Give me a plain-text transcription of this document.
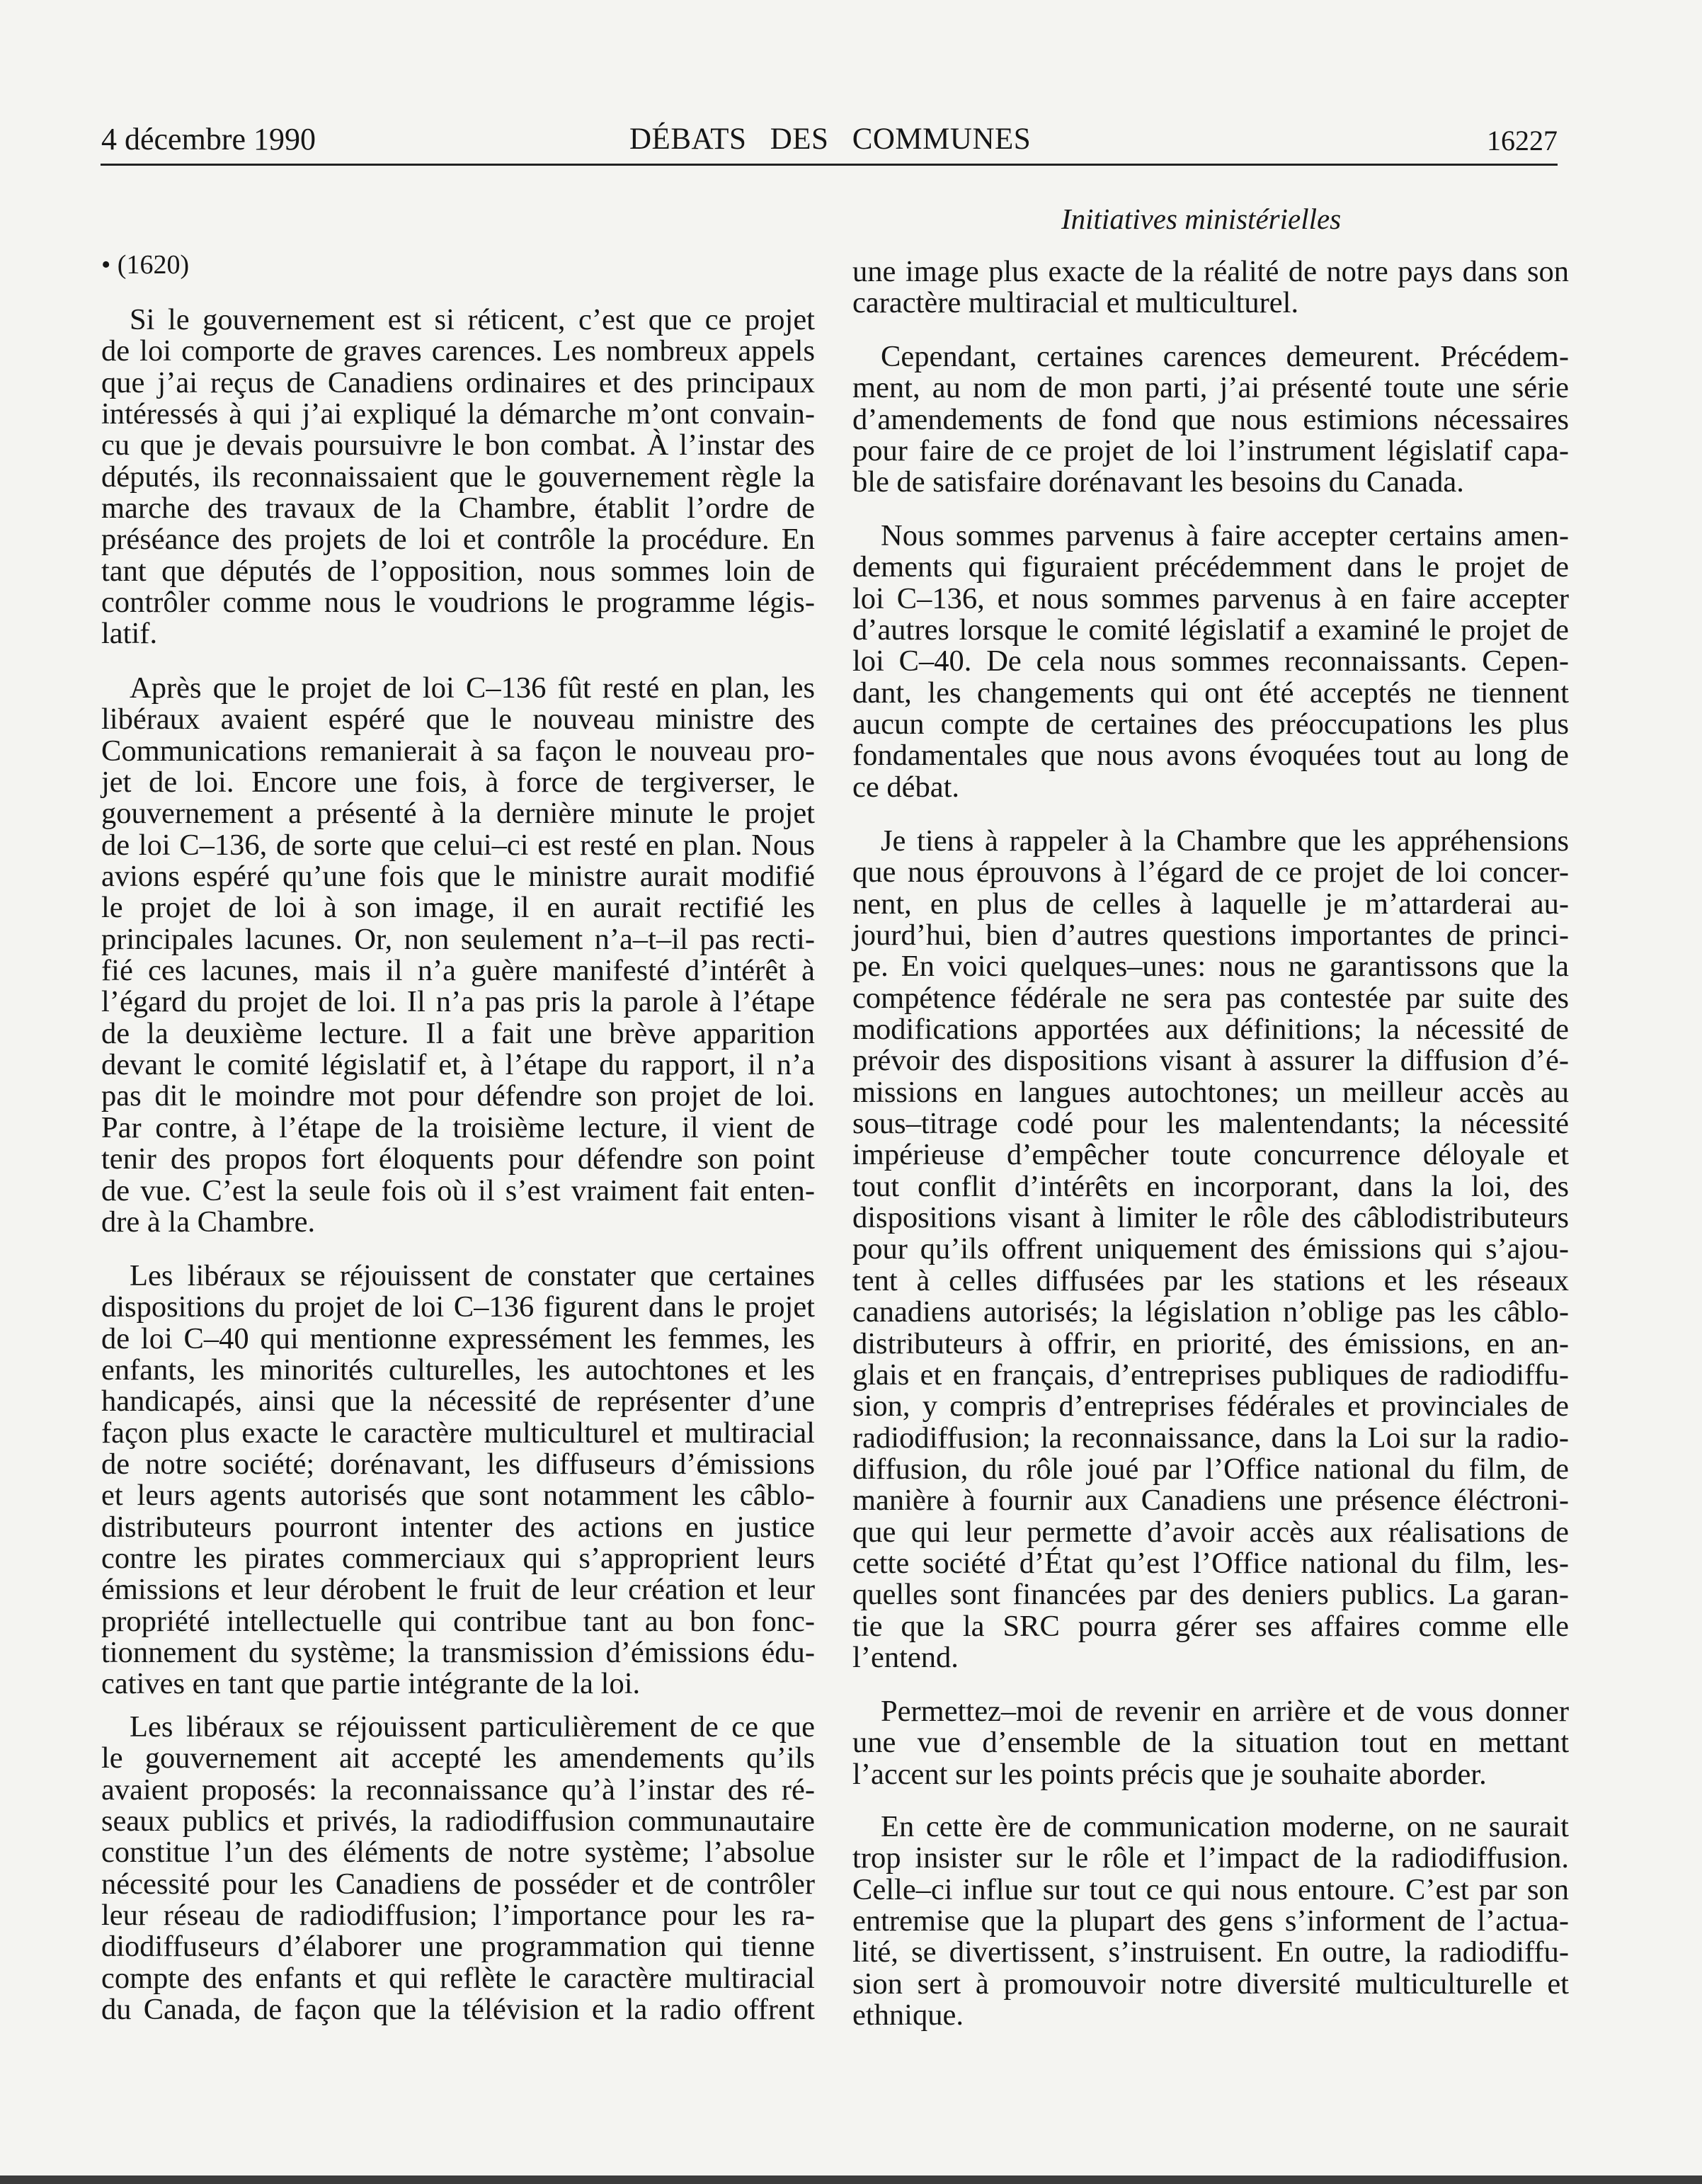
4 décembre 1990	DÉBATS DES COMMUNES	16227
Initiatives ministérielles
• (1620)
Si le gouvernement est si réticent, c’est que ce projet
de loi comporte de graves carences. Les nombreux appels
que j’ai reçus de Canadiens ordinaires et des principaux
intéressés à qui j’ai expliqué la démarche m’ont convain-
cu que je devais poursuivre le bon combat. À l’instar des
députés, ils reconnaissaient que le gouvernement règle la
marche des travaux de la Chambre, établit l’ordre de
préséance des projets de loi et contrôle la procédure. En
tant que députés de l’opposition, nous sommes loin de
contrôler comme nous le voudrions le programme légis-
latif.
Après que le projet de loi C–136 fût resté en plan, les
libéraux avaient espéré que le nouveau ministre des
Communications remanierait à sa façon le nouveau pro-
jet de loi. Encore une fois, à force de tergiverser, le
gouvernement a présenté à la dernière minute le projet
de loi C–136, de sorte que celui–ci est resté en plan. Nous
avions espéré qu’une fois que le ministre aurait modifié
le projet de loi à son image, il en aurait rectifié les
principales lacunes. Or, non seulement n’a–t–il pas recti-
fié ces lacunes, mais il n’a guère manifesté d’intérêt à
l’égard du projet de loi. Il n’a pas pris la parole à l’étape
de la deuxième lecture. Il a fait une brève apparition
devant le comité législatif et, à l’étape du rapport, il n’a
pas dit le moindre mot pour défendre son projet de loi.
Par contre, à l’étape de la troisième lecture, il vient de
tenir des propos fort éloquents pour défendre son point
de vue. C’est la seule fois où il s’est vraiment fait enten-
dre à la Chambre.
Les libéraux se réjouissent de constater que certaines
dispositions du projet de loi C–136 figurent dans le projet
de loi C–40 qui mentionne expressément les femmes, les
enfants, les minorités culturelles, les autochtones et les
handicapés, ainsi que la nécessité de représenter d’une
façon plus exacte le caractère multiculturel et multiracial
de notre société; dorénavant, les diffuseurs d’émissions
et leurs agents autorisés que sont notamment les câblo-
distributeurs pourront intenter des actions en justice
contre les pirates commerciaux qui s’approprient leurs
émissions et leur dérobent le fruit de leur création et leur
propriété intellectuelle qui contribue tant au bon fonc-
tionnement du système; la transmission d’émissions édu-
catives en tant que partie intégrante de la loi.
Les libéraux se réjouissent particulièrement de ce que
le gouvernement ait accepté les amendements qu’ils
avaient proposés: la reconnaissance qu’à l’instar des ré-
seaux publics et privés, la radiodiffusion communautaire
constitue l’un des éléments de notre système; l’absolue
nécessité pour les Canadiens de posséder et de contrôler
leur réseau de radiodiffusion; l’importance pour les ra-
diodiffuseurs d’élaborer une programmation qui tienne
compte des enfants et qui reflète le caractère multiracial
du Canada, de façon que la télévision et la radio offrent
une image plus exacte de la réalité de notre pays dans son
caractère multiracial et multiculturel.
Cependant, certaines carences demeurent. Précédem-
ment, au nom de mon parti, j’ai présenté toute une série
d’amendements de fond que nous estimions nécessaires
pour faire de ce projet de loi l’instrument législatif capa-
ble de satisfaire dorénavant les besoins du Canada.
Nous sommes parvenus à faire accepter certains amen-
dements qui figuraient précédemment dans le projet de
loi C–136, et nous sommes parvenus à en faire accepter
d’autres lorsque le comité législatif a examiné le projet de
loi C–40. De cela nous sommes reconnaissants. Cepen-
dant, les changements qui ont été acceptés ne tiennent
aucun compte de certaines des préoccupations les plus
fondamentales que nous avons évoquées tout au long de
ce débat.
Je tiens à rappeler à la Chambre que les appréhensions
que nous éprouvons à l’égard de ce projet de loi concer-
nent, en plus de celles à laquelle je m’attarderai au-
jourd’hui, bien d’autres questions importantes de princi-
pe. En voici quelques–unes: nous ne garantissons que la
compétence fédérale ne sera pas contestée par suite des
modifications apportées aux définitions; la nécessité de
prévoir des dispositions visant à assurer la diffusion d’é-
missions en langues autochtones; un meilleur accès au
sous–titrage codé pour les malentendants; la nécessité
impérieuse d’empêcher toute concurrence déloyale et
tout conflit d’intérêts en incorporant, dans la loi, des
dispositions visant à limiter le rôle des câblodistributeurs
pour qu’ils offrent uniquement des émissions qui s’ajou-
tent à celles diffusées par les stations et les réseaux
canadiens autorisés; la législation n’oblige pas les câblo-
distributeurs à offrir, en priorité, des émissions, en an-
glais et en français, d’entreprises publiques de radiodiffu-
sion, y compris d’entreprises fédérales et provinciales de
radiodiffusion; la reconnaissance, dans la Loi sur la radio-
diffusion, du rôle joué par l’Office national du film, de
manière à fournir aux Canadiens une présence éléctroni-
que qui leur permette d’avoir accès aux réalisations de
cette société d’État qu’est l’Office national du film, les-
quelles sont financées par des deniers publics. La garan-
tie que la SRC pourra gérer ses affaires comme elle
l’entend.
Permettez–moi de revenir en arrière et de vous donner
une vue d’ensemble de la situation tout en mettant
l’accent sur les points précis que je souhaite aborder.
En cette ère de communication moderne, on ne saurait
trop insister sur le rôle et l’impact de la radiodiffusion.
Celle–ci influe sur tout ce qui nous entoure. C’est par son
entremise que la plupart des gens s’informent de l’actua-
lité, se divertissent, s’instruisent. En outre, la radiodiffu-
sion sert à promouvoir notre diversité multiculturelle et
ethnique.
